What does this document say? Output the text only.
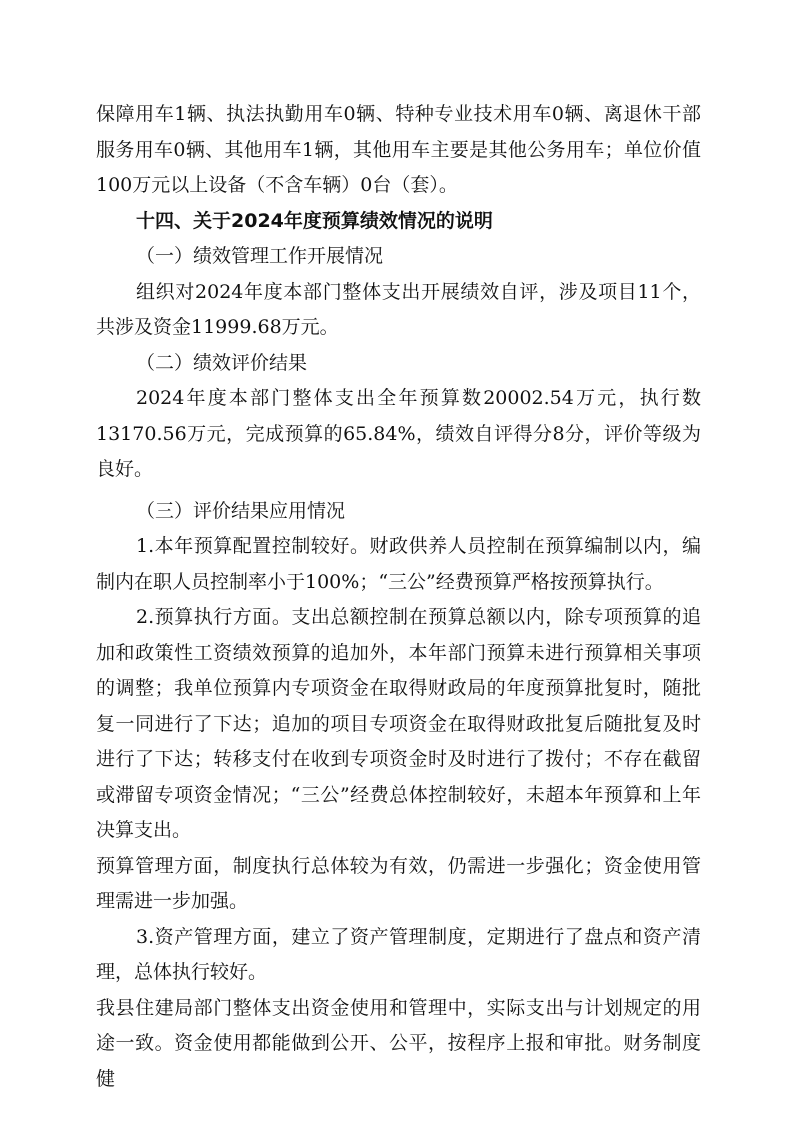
保障用车1辆、执法执勤用车0辆、特种专业技术用车0辆、离退休干部服务用车0辆、其他用车1辆，其他用车主要是其他公务用车；单位价值100万元以上设备（不含车辆）0台（套）。

十四、关于2024年度预算绩效情况的说明

（一）绩效管理工作开展情况

组织对2024年度本部门整体支出开展绩效自评，涉及项目11个，共涉及资金11999.68万元。

（二）绩效评价结果

2024年度本部门整体支出全年预算数20002.54万元，执行数13170.56万元，完成预算的65.84%，绩效自评得分8分，评价等级为良好。

（三）评价结果应用情况

1.本年预算配置控制较好。财政供养人员控制在预算编制以内，编制内在职人员控制率小于100%；“三公”经费预算严格按预算执行。

2.预算执行方面。支出总额控制在预算总额以内，除专项预算的追加和政策性工资绩效预算的追加外，本年部门预算未进行预算相关事项的调整；我单位预算内专项资金在取得财政局的年度预算批复时，随批复一同进行了下达；追加的项目专项资金在取得财政批复后随批复及时进行了下达；转移支付在收到专项资金时及时进行了拨付；不存在截留或滞留专项资金情况；“三公”经费总体控制较好，未超本年预算和上年决算支出。

预算管理方面，制度执行总体较为有效，仍需进一步强化；资金使用管理需进一步加强。

3.资产管理方面，建立了资产管理制度，定期进行了盘点和资产清理，总体执行较好。

我县住建局部门整体支出资金使用和管理中，实际支出与计划规定的用途一致。资金使用都能做到公开、公平，按程序上报和审批。财务制度健
